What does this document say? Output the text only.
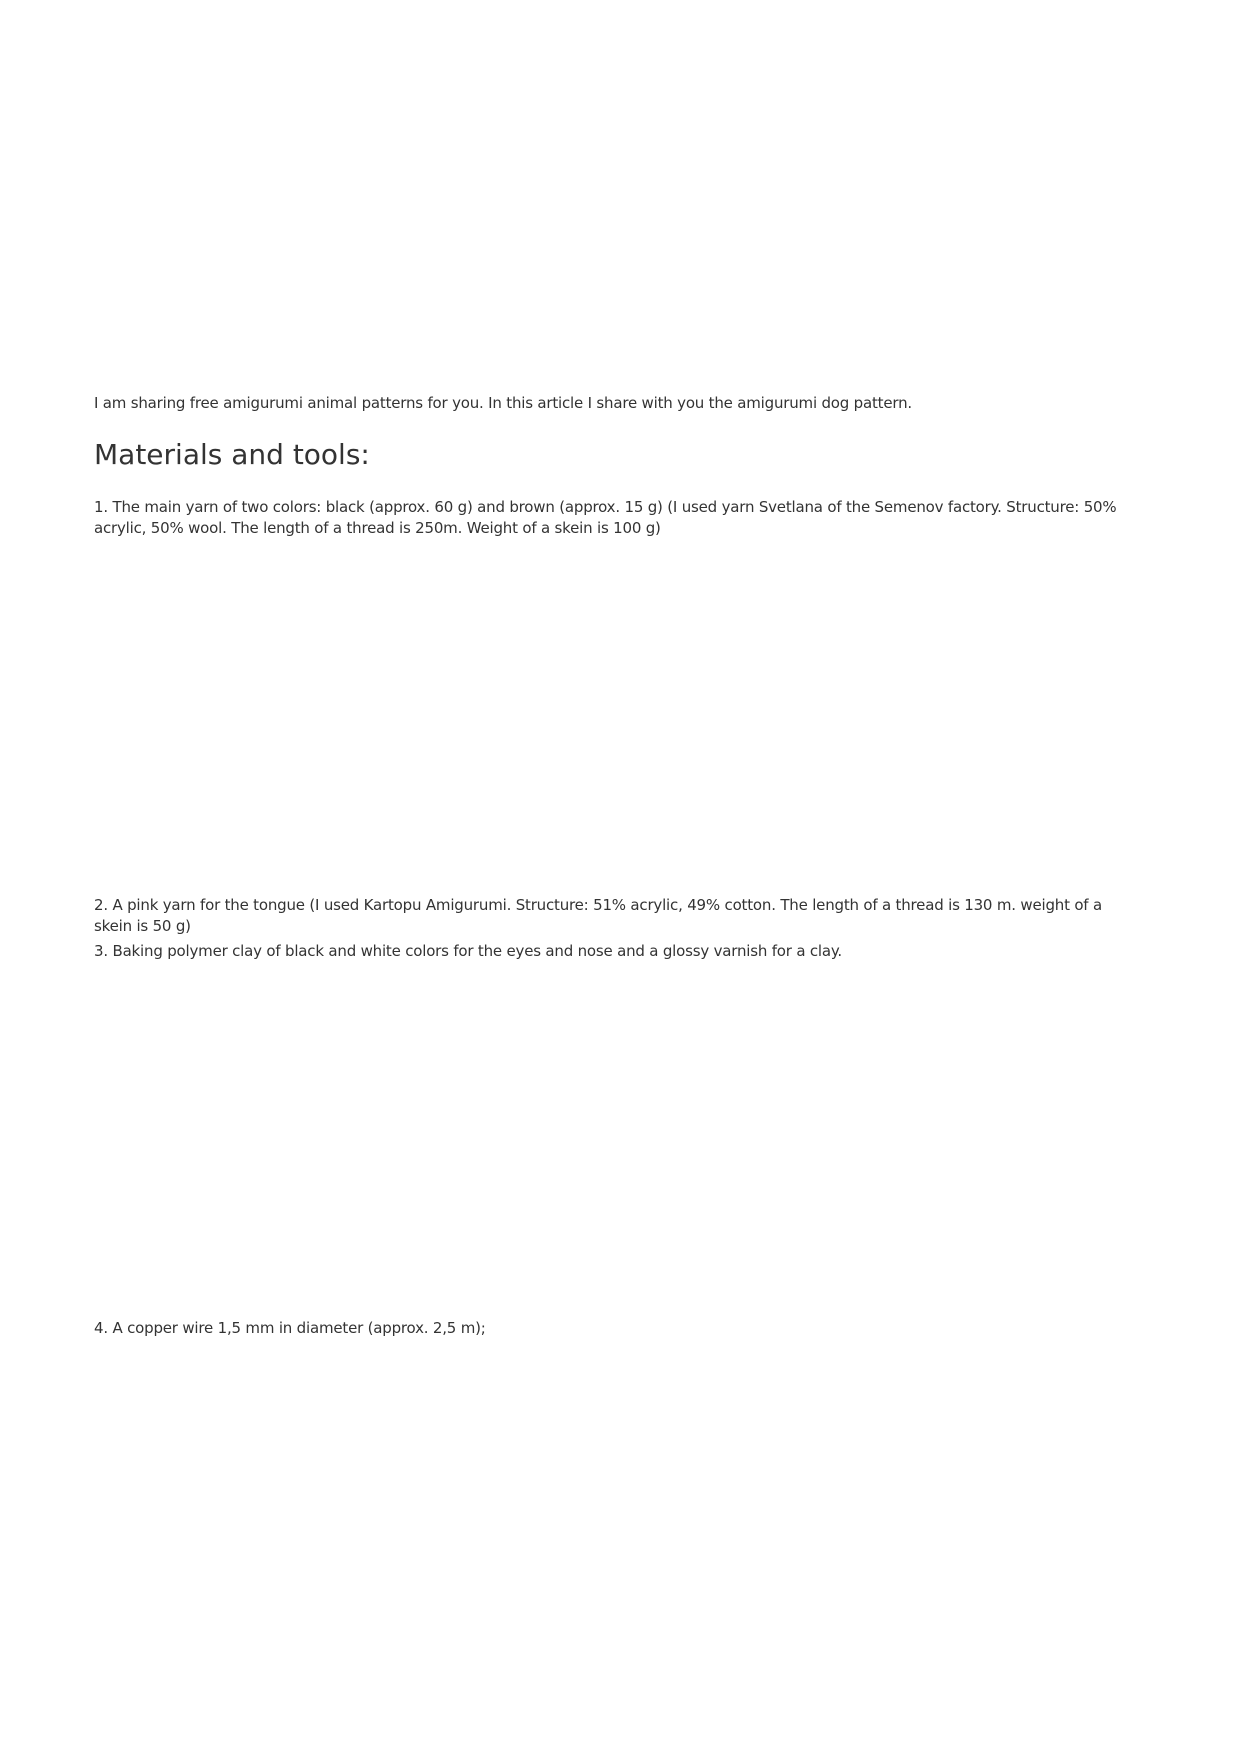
I am sharing free amigurumi animal patterns for you. In this article I share with you the amigurumi dog pattern.

Materials and tools:

1. The main yarn of two colors: black (approx. 60 g) and brown (approx. 15 g) (I used yarn Svetlana of the Semenov factory. Structure: 50% acrylic, 50% wool. The length of a thread is 250m. Weight of a skein is 100 g)

2. A pink yarn for the tongue (I used Kartopu Amigurumi. Structure: 51% acrylic, 49% cotton. The length of a thread is 130 m. weight of a skein is 50 g)

3. Baking polymer clay of black and white colors for the eyes and nose and a glossy varnish for a clay.

4. A copper wire 1,5 mm in diameter (approx. 2,5 m);
